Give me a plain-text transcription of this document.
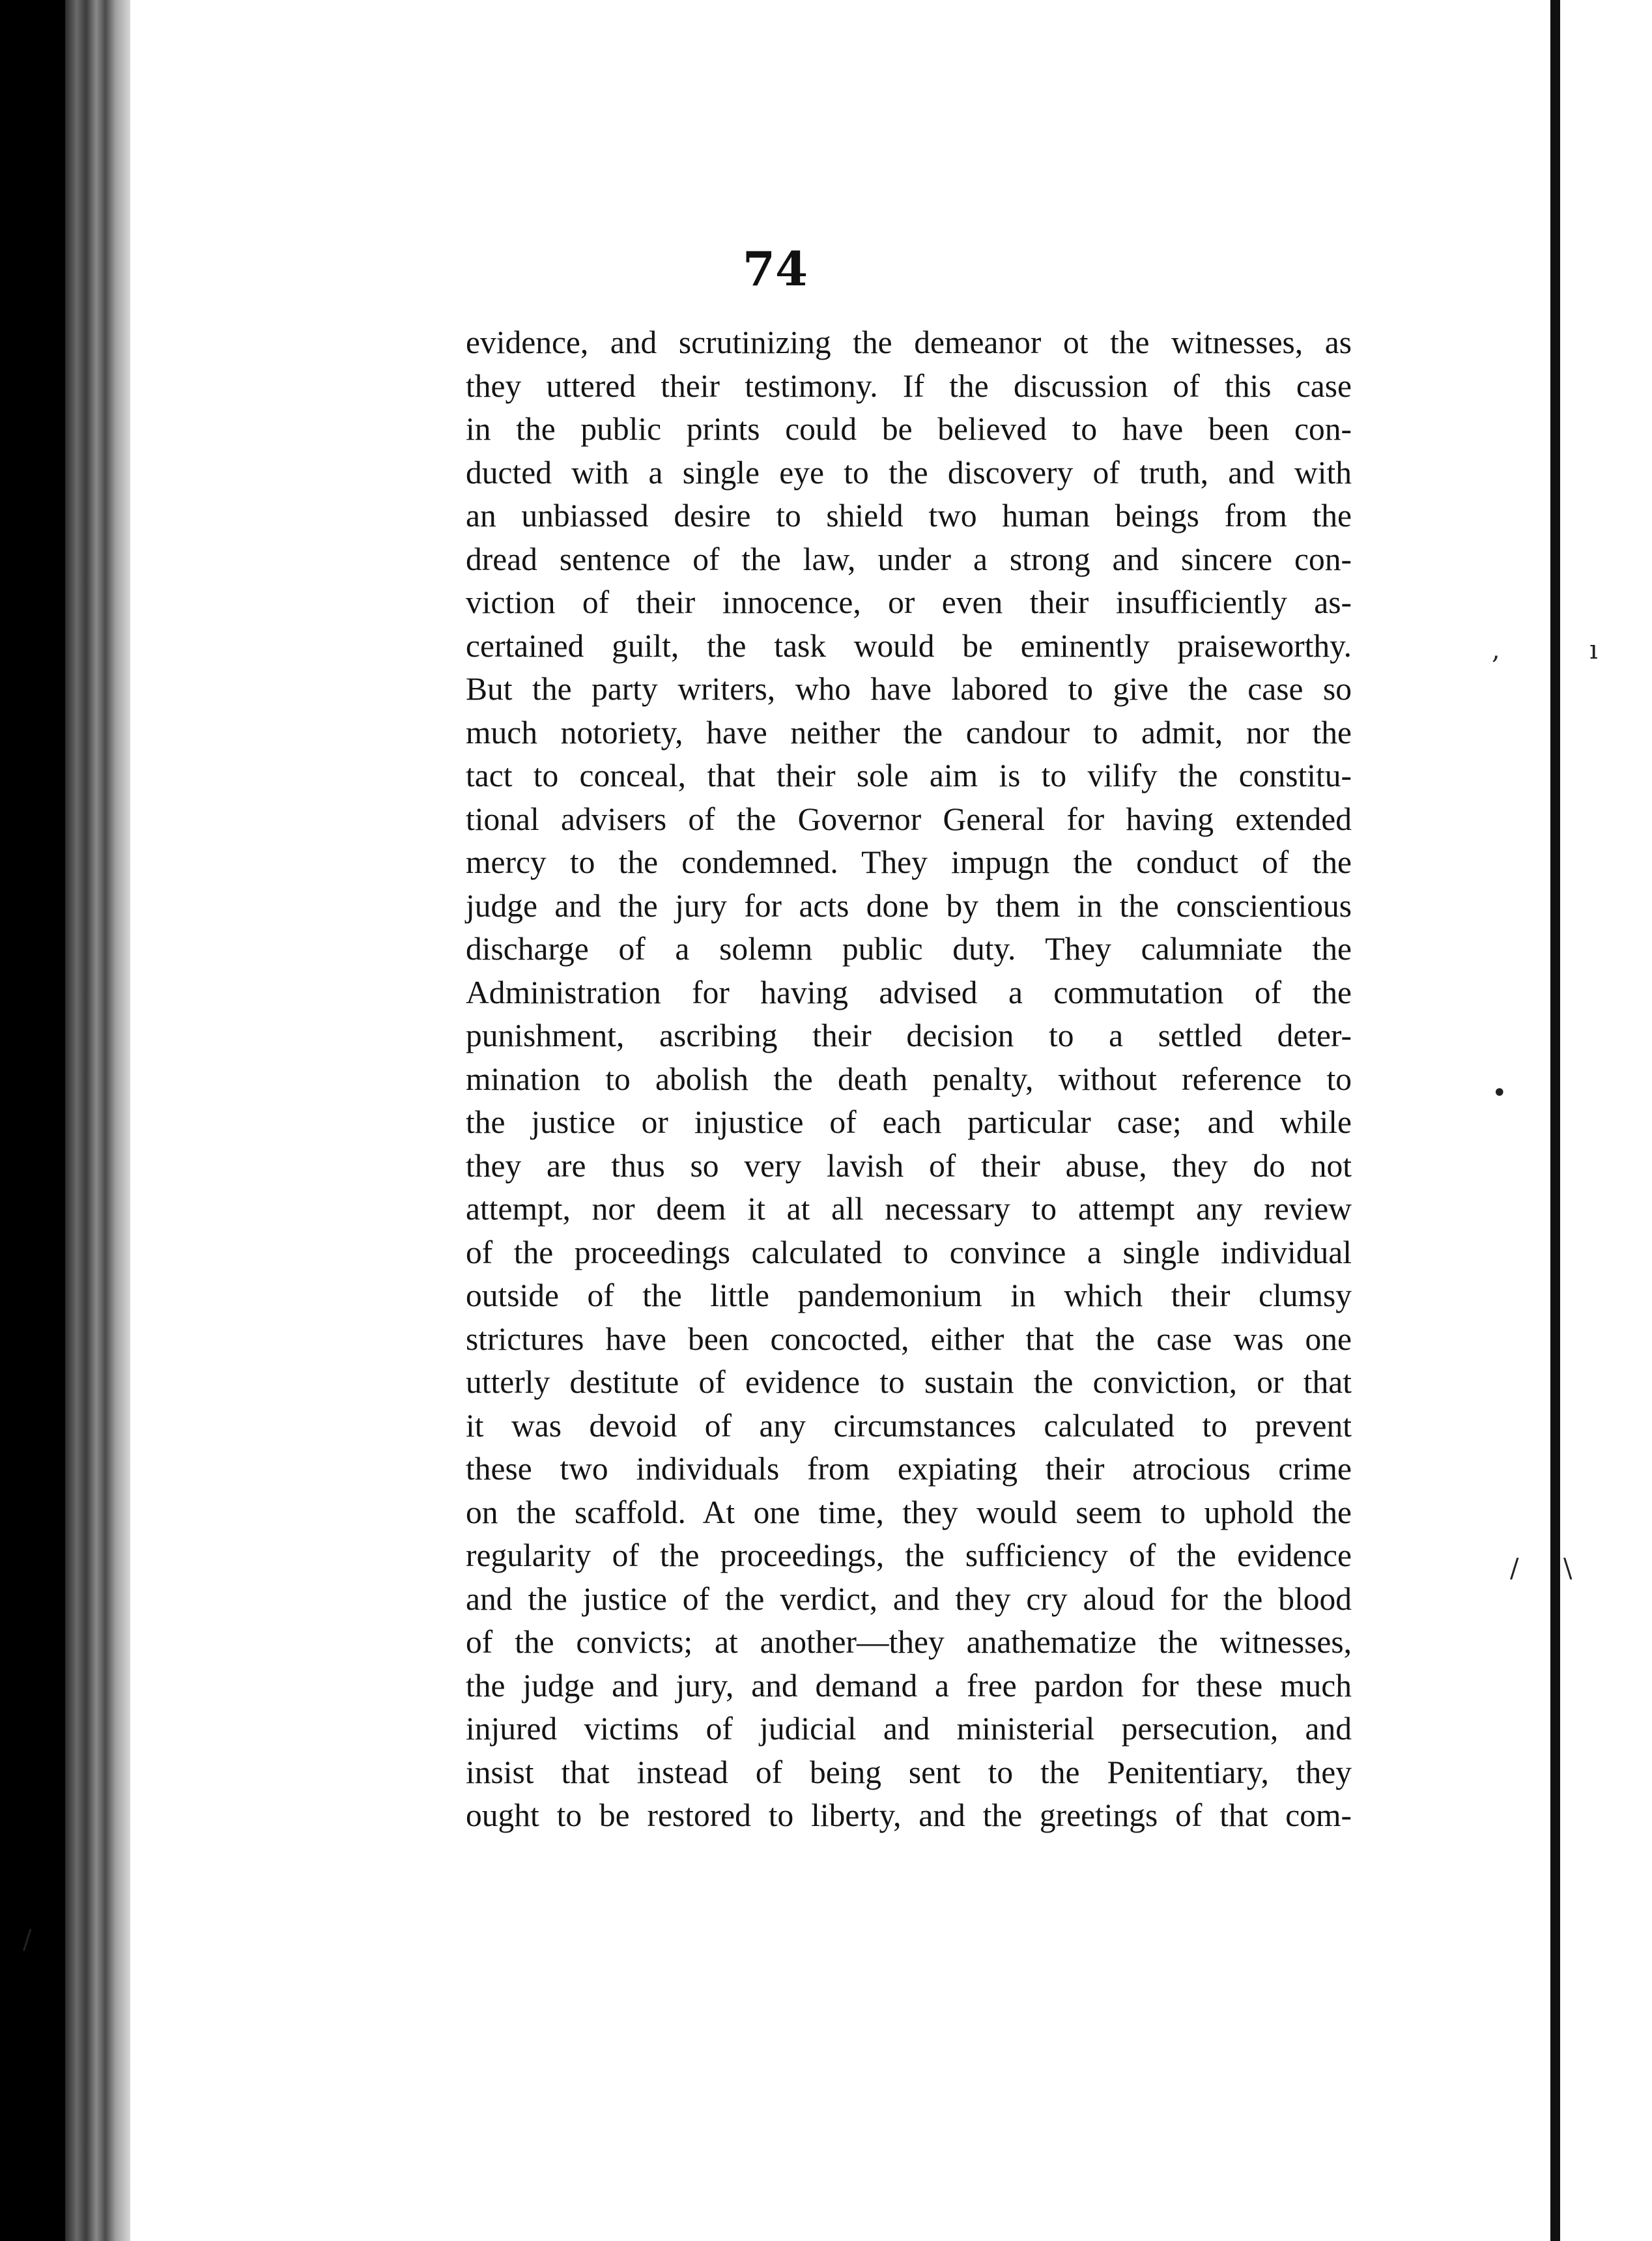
74
evidence, and scrutinizing the demeanor ot the witnesses, as
they uttered their testimony. If the discussion of this case
in the public prints could be believed to have been con-
ducted with a single eye to the discovery of truth, and with
an unbiassed desire to shield two human beings from the
dread sentence of the law, under a strong and sincere con-
viction of their innocence, or even their insufficiently as-
certained guilt, the task would be eminently praiseworthy.
But the party writers, who have labored to give the case so
much notoriety, have neither the candour to admit, nor the
tact to conceal, that their sole aim is to vilify the constitu-
tional advisers of the Governor General for having extended
mercy to the condemned. They impugn the conduct of the
judge and the jury for acts done by them in the conscientious
discharge of a solemn public duty. They calumniate the
Administration for having advised a commutation of the
punishment, ascribing their decision to a settled deter-
mination to abolish the death penalty, without reference to
the justice or injustice of each particular case; and while
they are thus so very lavish of their abuse, they do not
attempt, nor deem it at all necessary to attempt any review
of the proceedings calculated to convince a single individual
outside of the little pandemonium in which their clumsy
strictures have been concocted, either that the case was one
utterly destitute of evidence to sustain the conviction, or that
it was devoid of any circumstances calculated to prevent
these two individuals from expiating their atrocious crime
on the scaffold. At one time, they would seem to uphold the
regularity of the proceedings, the sufficiency of the evidence
and the justice of the verdict, and they cry aloud for the blood
of the convicts; at another—they anathematize the witnesses,
the judge and jury, and demand a free pardon for these much
injured victims of judicial and ministerial persecution, and
insist that instead of being sent to the Penitentiary, they
ought to be restored to liberty, and the greetings of that com-
,	ı
•
/ \
/
